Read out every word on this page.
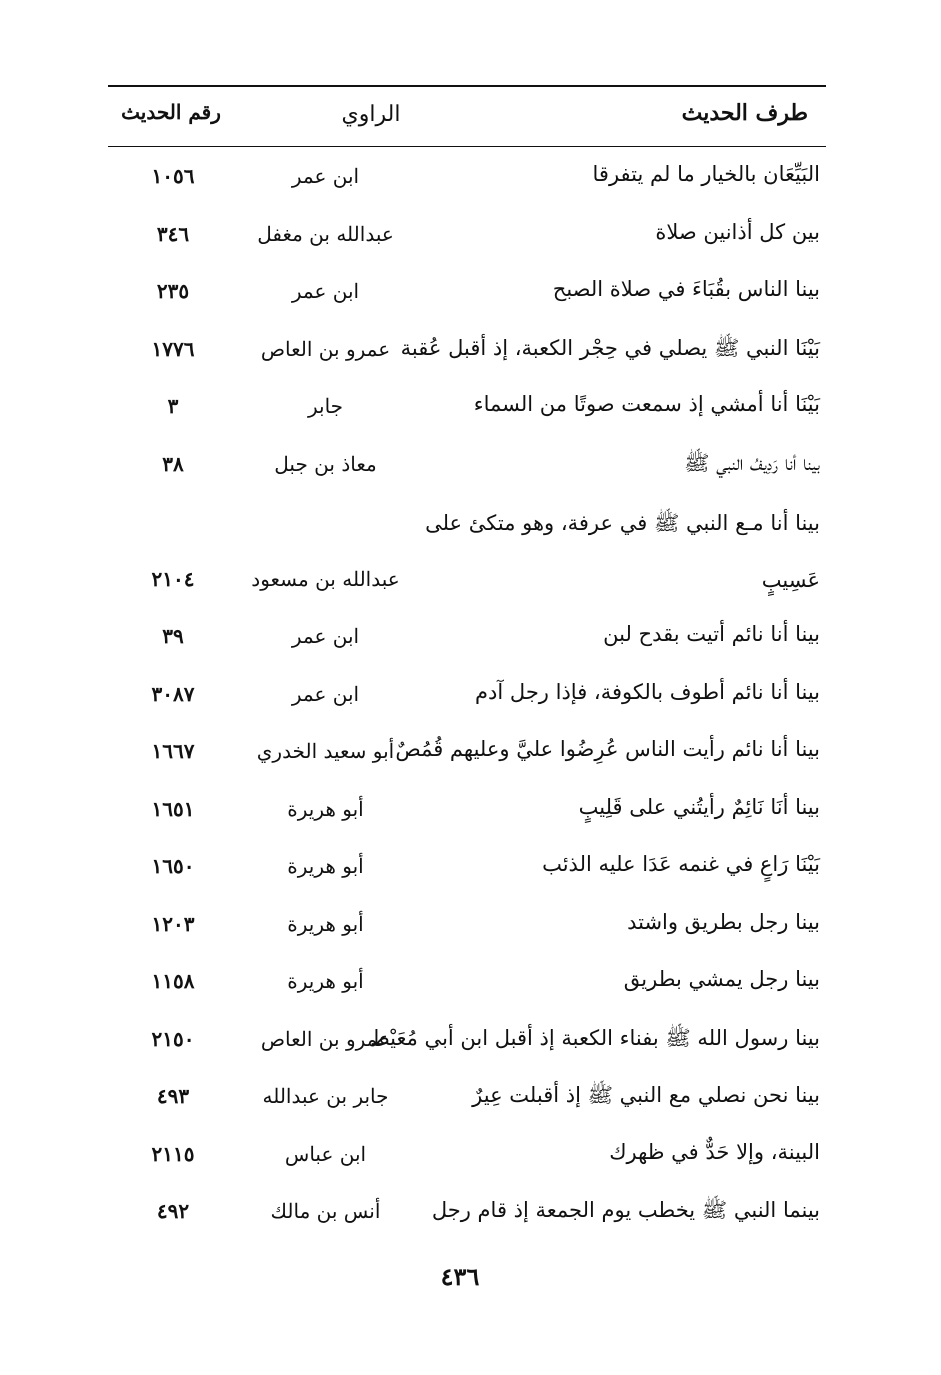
طرف الحديث
الراوي
رقم الحديث
البَيِّعَان بالخيار ما لم يتفرقا
ابن عمر
١٠٥٦
بين كل أذانين صلاة
عبدالله بن مغفل
٣٤٦
بينا الناس بقُبَاءَ في صلاة الصبح
ابن عمر
٢٣٥
بَيْنَا النبي ﷺ يصلي في حِجْر الكعبة، إذ أقبل عُقبة
عمرو بن العاص
١٧٧٦
بَيْنَا أنا أمشي إذ سمعت صوتًا من السماء
جابر
٣
بينا أنا رَدِيفُ النبي ﷺ
معاذ بن جبل
٣٨
بينا أنا مـع النبي ﷺ في عرفة، وهو متكئ على عَسِيبٍ
عبدالله بن مسعود
٢١٠٤
بينا أنا نائم أتيت بقدح لبن
ابن عمر
٣٩
بينا أنا نائم أطوف بالكوفة، فإذا رجل آدم
ابن عمر
٣٠٨٧
بينا أنا نائم رأيت الناس عُرِضُوا عليَّ وعليهم قُمُصٌ
أبو سعيد الخدري
١٦٦٧
بينا أنَا نَائِمٌ رأيتُني على قَلِيبٍ
أبو هريرة
١٦٥١
بَيْنَا رَاعٍ في غنمه عَدَا عليه الذئب
أبو هريرة
١٦٥٠
بينا رجل بطريق واشتد
أبو هريرة
١٢٠٣
بينا رجل يمشي بطريق
أبو هريرة
١١٥٨
بينا رسول الله ﷺ بفناء الكعبة إذ أقبل ابن أبي مُعَيْط
عمرو بن العاص
٢١٥٠
بينا نحن نصلي مع النبي ﷺ إذ أقبلت عِيرٌ
جابر بن عبدالله
٤٩٣
البينة، وإلا حَدٌّ في ظهرك
ابن عباس
٢١١٥
بينما النبي ﷺ يخطب يوم الجمعة إذ قام رجل
أنس بن مالك
٤٩٢
٤٣٦
